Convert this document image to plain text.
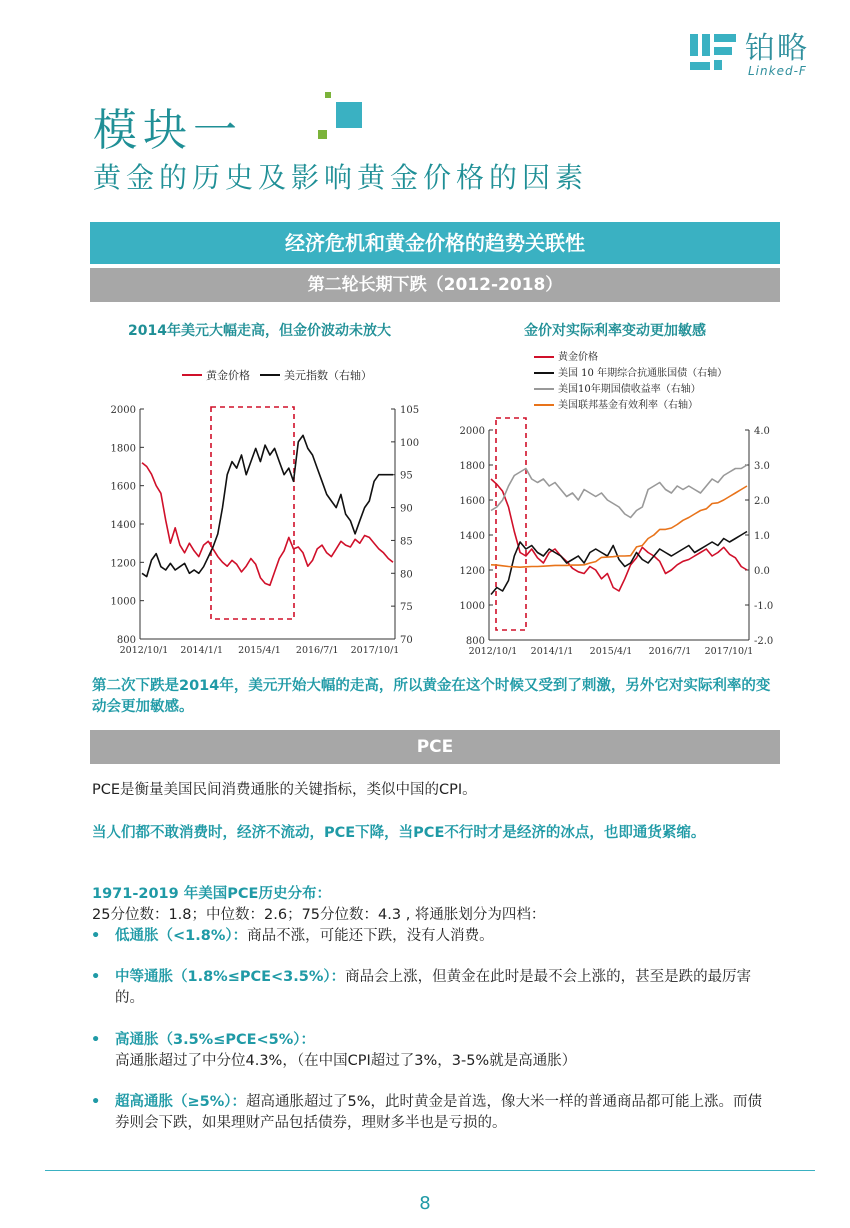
铂略
Linked-F
模块一
黄金的历史及影响黄金价格的因素
经济危机和黄金价格的趋势关联性
第二轮长期下跌（2012-2018）
2014年美元大幅走高，但金价波动未放大	金价对实际利率变动更加敏感
黄金价格	美元指数（右轴）
2000
1800
1600
1400
1200
1000
800
105
100
95
90
85
80
75
70
2012/10/1 2014/1/1 2015/4/1 2016/7/1 2017/10/1
黄金价格
美国 10 年期综合抗通胀国债（右轴）
美国10年期国债收益率（右轴）
美国联邦基金有效利率（右轴）
2000
1800
1600
1400
1200
1000
800
4.0
3.0
2.0
1.0
0.0
-1.0
-2.0
2012/10/1 2014/1/1 2015/4/1 2016/7/1 2017/10/1
第二次下跌是2014年，美元开始大幅的走高，所以黄金在这个时候又受到了刺激，另外它对实际利率的变动会更加敏感。
PCE
PCE是衡量美国民间消费通胀的关键指标，类似中国的CPI。
当人们都不敢消费时，经济不流动，PCE下降，当PCE不行时才是经济的冰点，也即通货紧缩。
1971-2019 年美国PCE历史分布：
25分位数：1.8；中位数：2.6；75分位数：4.3 , 将通胀划分为四档：
• 低通胀（<1.8%）：商品不涨，可能还下跌，没有人消费。
• 中等通胀（1.8%≤PCE<3.5%）：商品会上涨，但黄金在此时是最不会上涨的，甚至是跌的最厉害的。
• 高通胀（3.5%≤PCE<5%）：高通胀超过了中分位4.3%，（在中国CPI超过了3%，3-5%就是高通胀）
• 超高通胀（≥5%）：超高通胀超过了5%，此时黄金是首选，像大米一样的普通商品都可能上涨。而债券则会下跌，如果理财产品包括债券，理财多半也是亏损的。
8
